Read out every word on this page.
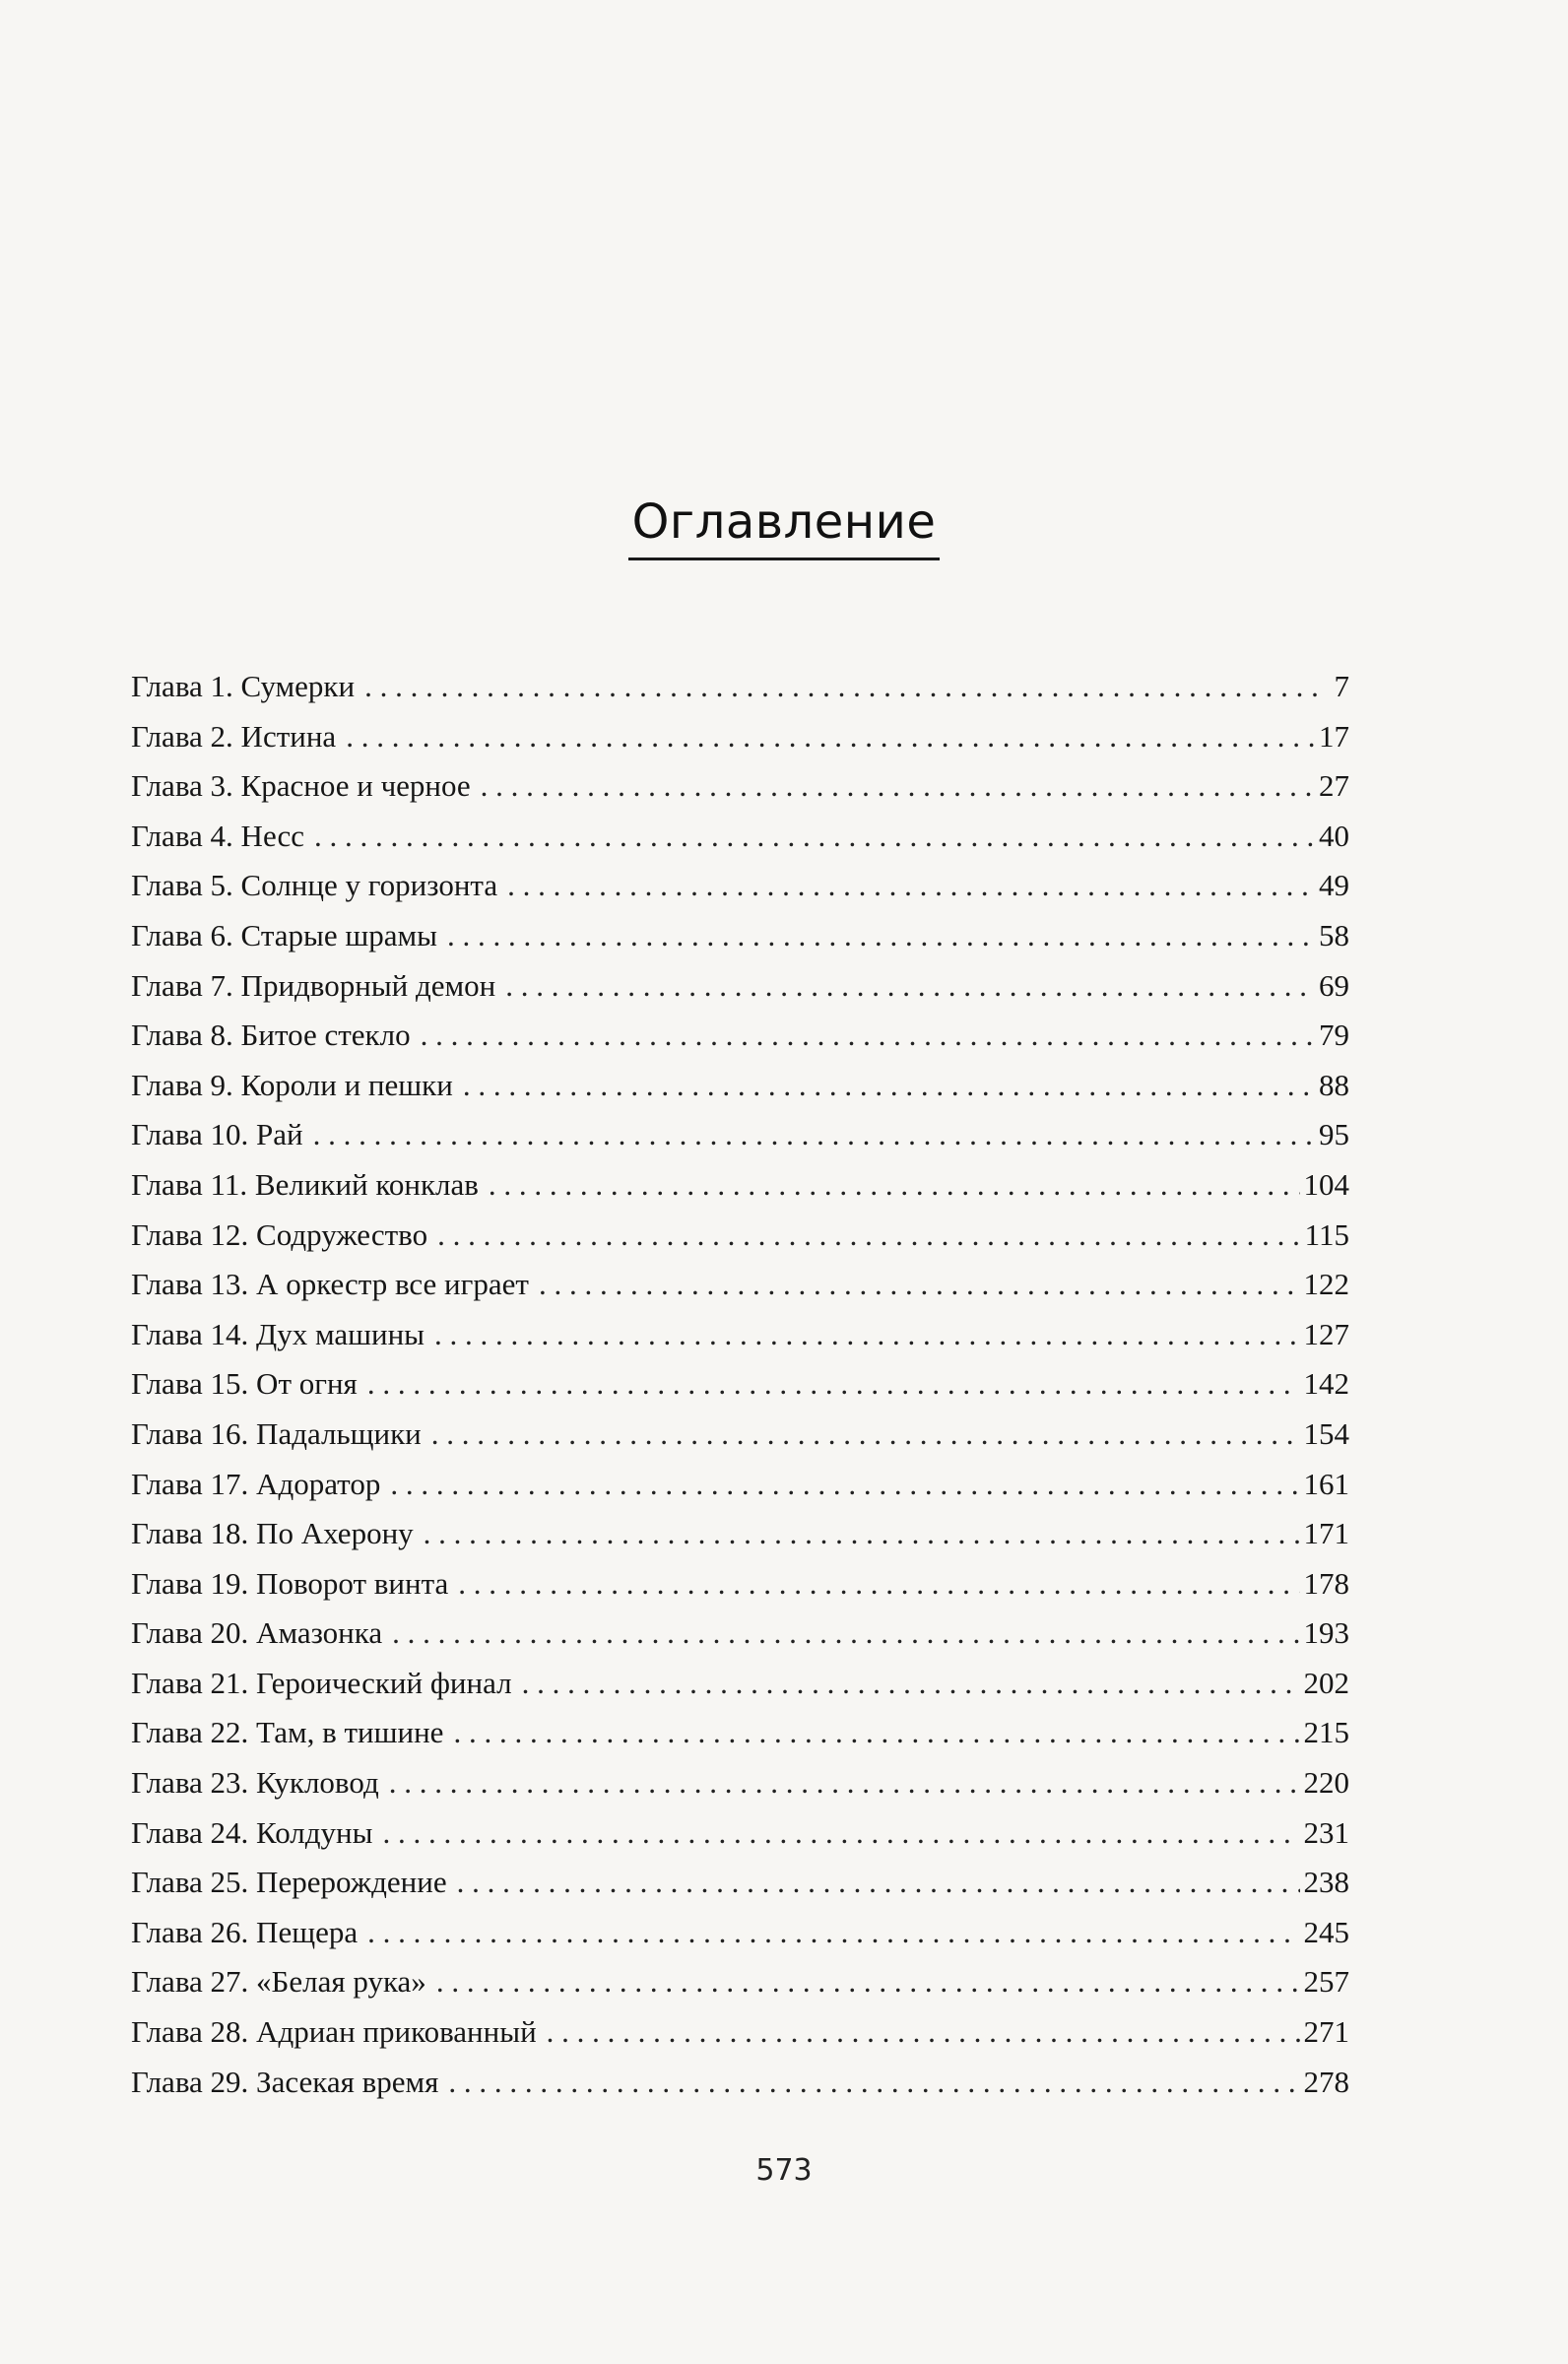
Оглавление
Глава 1. Сумерки . . .	7
Глава 2. Истина . . .	17
Глава 3. Красное и черное . . .	27
Глава 4. Несс . . .	40
Глава 5. Солнце у горизонта . . .	49
Глава 6. Старые шрамы . . .	58
Глава 7. Придворный демон . . .	69
Глава 8. Битое стекло . . .	79
Глава 9. Короли и пешки . . .	88
Глава 10. Рай . . .	95
Глава 11. Великий конклав . . .	104
Глава 12. Содружество . . .	115
Глава 13. А оркестр все играет . . .	122
Глава 14. Дух машины . . .	127
Глава 15. От огня . . .	142
Глава 16. Падальщики . . .	154
Глава 17. Адоратор . . .	161
Глава 18. По Ахерону . . .	171
Глава 19. Поворот винта . . .	178
Глава 20. Амазонка . . .	193
Глава 21. Героический финал . . .	202
Глава 22. Там, в тишине . . .	215
Глава 23. Кукловод . . .	220
Глава 24. Колдуны . . .	231
Глава 25. Перерождение . . .	238
Глава 26. Пещера . . .	245
Глава 27. «Белая рука» . . .	257
Глава 28. Адриан прикованный . . .	271
Глава 29. Засекая время . . .	278
573
